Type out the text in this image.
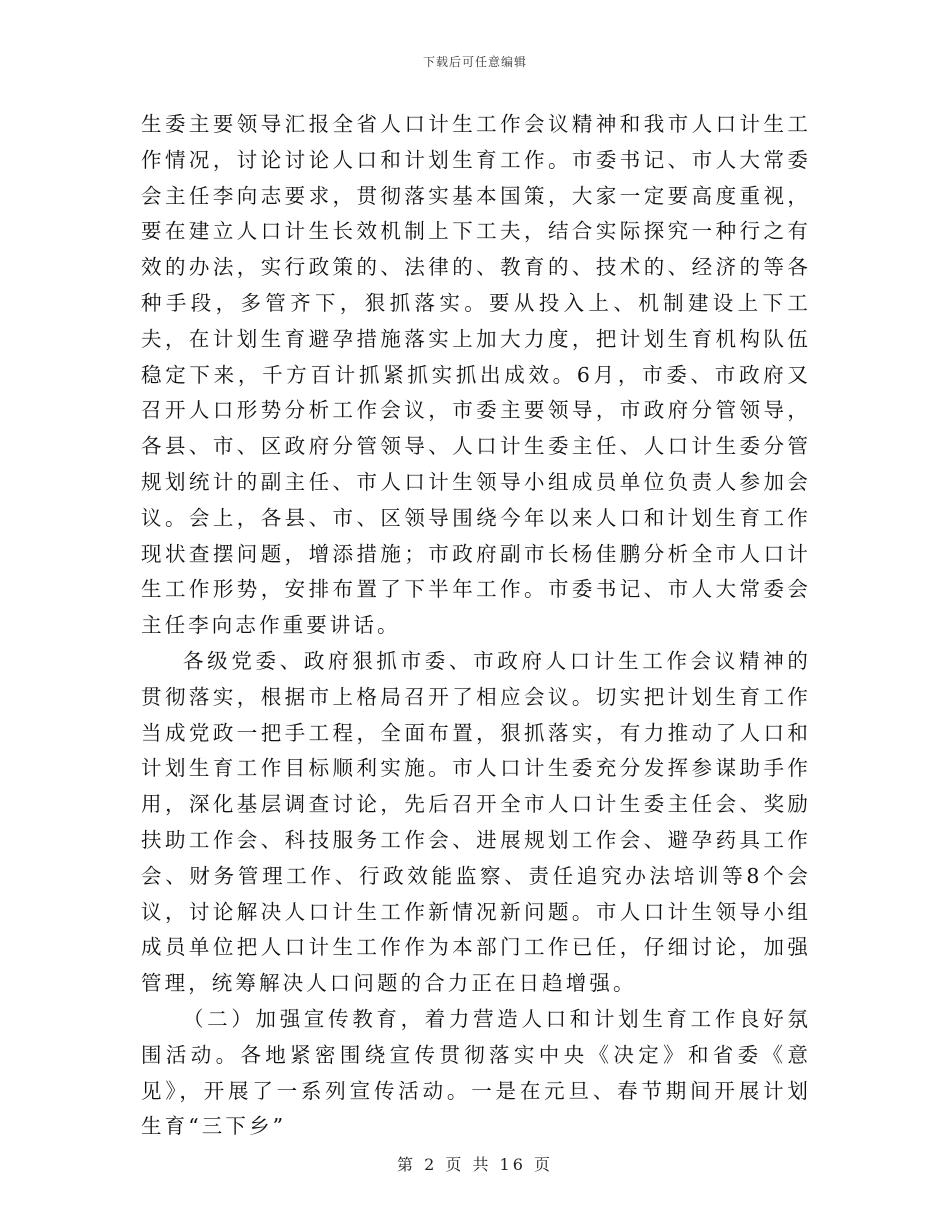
下载后可任意编辑

生委主要领导汇报全省人口计生工作会议精神和我市人口计生工作情况，讨论讨论人口和计划生育工作。市委书记、市人大常委会主任李向志要求，贯彻落实基本国策，大家一定要高度重视，要在建立人口计生长效机制上下工夫，结合实际探究一种行之有效的办法，实行政策的、法律的、教育的、技术的、经济的等各种手段，多管齐下，狠抓落实。要从投入上、机制建设上下工夫，在计划生育避孕措施落实上加大力度，把计划生育机构队伍稳定下来，千方百计抓紧抓实抓出成效。6月，市委、市政府又召开人口形势分析工作会议，市委主要领导，市政府分管领导，各县、市、区政府分管领导、人口计生委主任、人口计生委分管规划统计的副主任、市人口计生领导小组成员单位负责人参加会议。会上，各县、市、区领导围绕今年以来人口和计划生育工作现状查摆问题，增添措施；市政府副市长杨佳鹏分析全市人口计生工作形势，安排布置了下半年工作。市委书记、市人大常委会主任李向志作重要讲话。

各级党委、政府狠抓市委、市政府人口计生工作会议精神的贯彻落实，根据市上格局召开了相应会议。切实把计划生育工作当成党政一把手工程，全面布置，狠抓落实，有力推动了人口和计划生育工作目标顺利实施。市人口计生委充分发挥参谋助手作用，深化基层调查讨论，先后召开全市人口计生委主任会、奖励扶助工作会、科技服务工作会、进展规划工作会、避孕药具工作会、财务管理工作、行政效能监察、责任追究办法培训等8个会议，讨论解决人口计生工作新情况新问题。市人口计生领导小组成员单位把人口计生工作作为本部门工作已任，仔细讨论，加强管理，统筹解决人口问题的合力正在日趋增强。

（二）加强宣传教育，着力营造人口和计划生育工作良好氛围活动。各地紧密围绕宣传贯彻落实中央《决定》和省委《意见》，开展了一系列宣传活动。一是在元旦、春节期间开展计划生育“三下乡”

第 2 页 共 16 页
